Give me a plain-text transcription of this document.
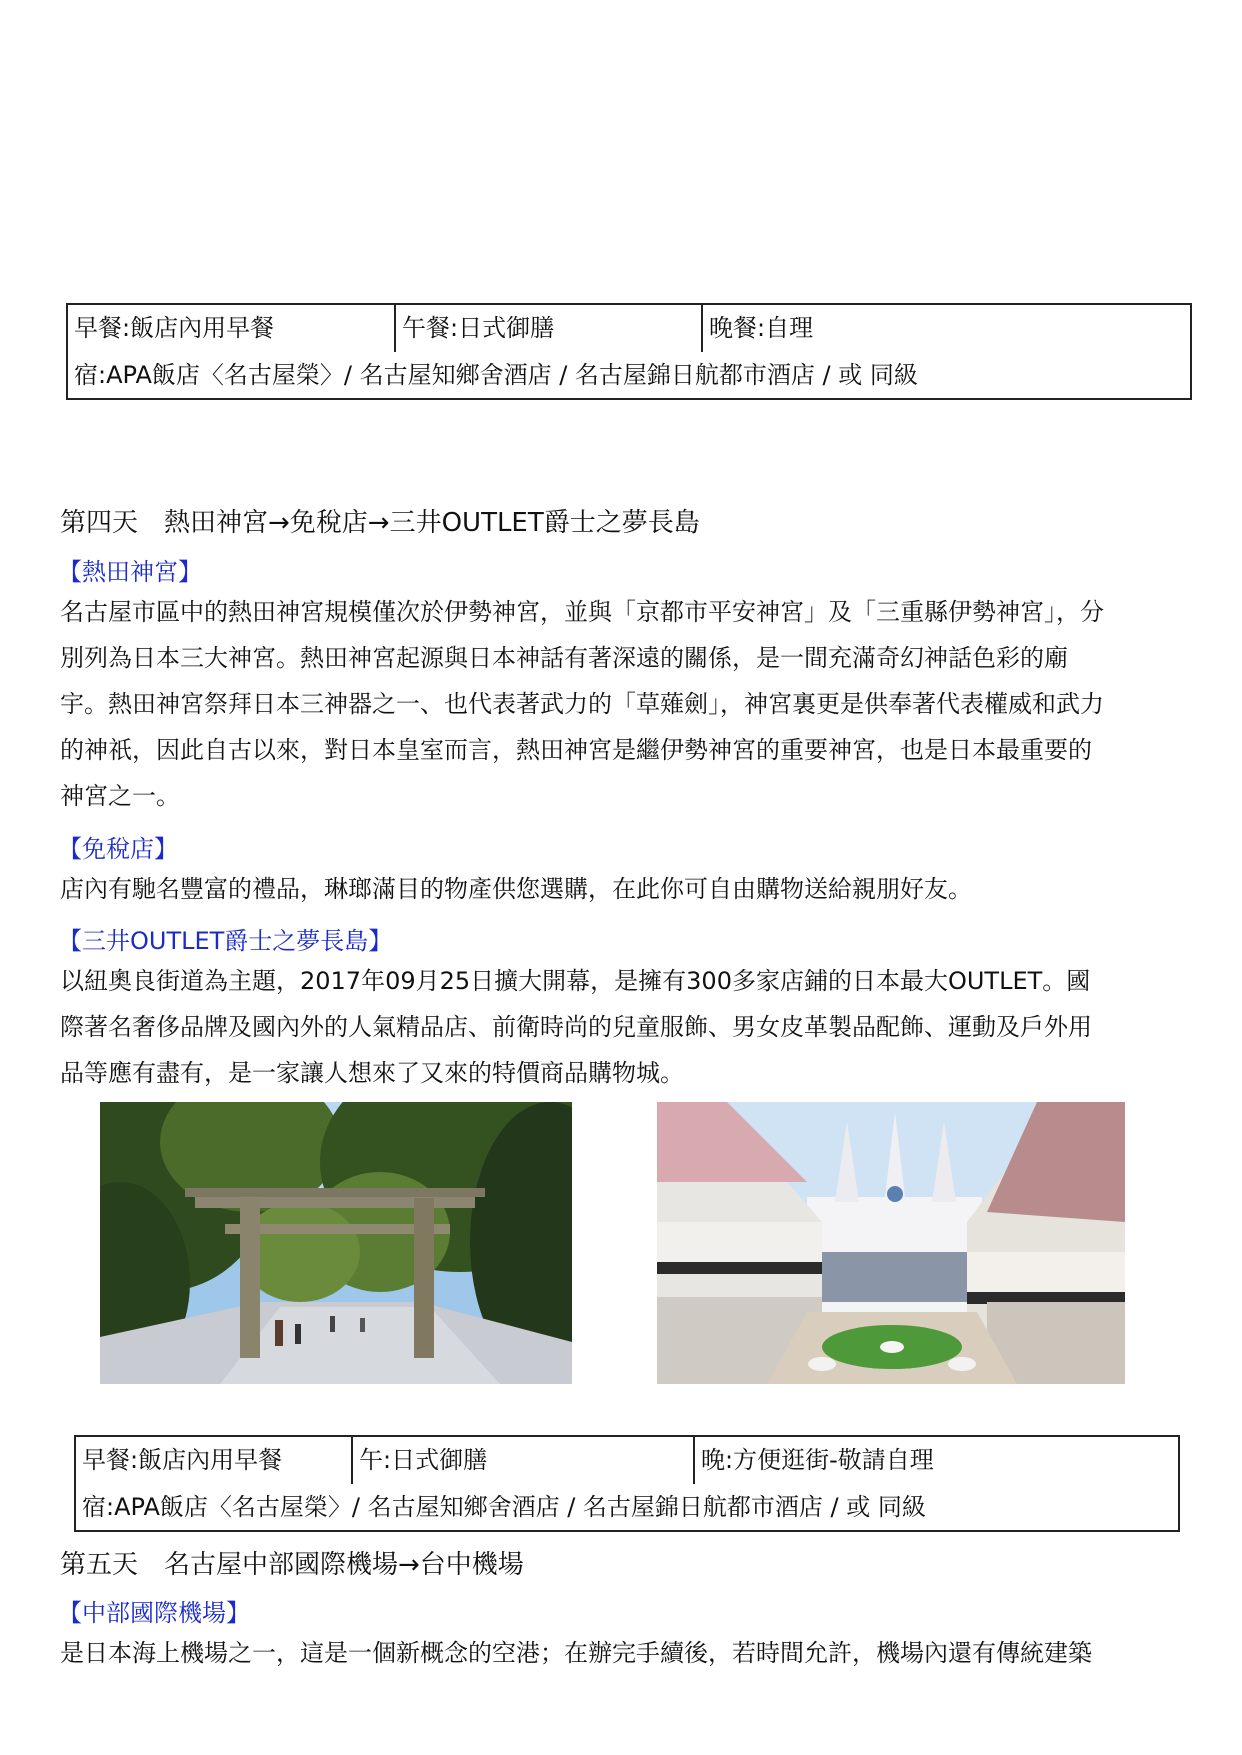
早餐:飯店內用早餐	午餐:日式御膳	晚餐:自理
宿:APA飯店〈名古屋榮〉/ 名古屋知鄉舍酒店 / 名古屋錦日航都市酒店 / 或 同級
第四天　熱田神宮→免稅店→三井OUTLET爵士之夢長島
【熱田神宮】
名古屋市區中的熱田神宮規模僅次於伊勢神宮，並與「京都市平安神宮」及「三重縣伊勢神宮」，分
別列為日本三大神宮。熱田神宮起源與日本神話有著深遠的關係，是一間充滿奇幻神話色彩的廟
宇。熱田神宮祭拜日本三神器之一、也代表著武力的「草薙劍」，神宮裏更是供奉著代表權威和武力
的神祇，因此自古以來，對日本皇室而言，熱田神宮是繼伊勢神宮的重要神宮，也是日本最重要的
神宮之一。
【免稅店】
店內有馳名豐富的禮品，琳瑯滿目的物產供您選購，在此你可自由購物送給親朋好友。
【三井OUTLET爵士之夢長島】
以紐奧良街道為主題，2017年09月25日擴大開幕，是擁有300多家店鋪的日本最大OUTLET。國
際著名奢侈品牌及國內外的人氣精品店、前衛時尚的兒童服飾、男女皮革製品配飾、運動及戶外用
品等應有盡有，是一家讓人想來了又來的特價商品購物城。
早餐:飯店內用早餐	午:日式御膳	晚:方便逛街-敬請自理
宿:APA飯店〈名古屋榮〉/ 名古屋知鄉舍酒店 / 名古屋錦日航都市酒店 / 或 同級
第五天　名古屋中部國際機場→台中機場
【中部國際機場】
是日本海上機場之一，這是一個新概念的空港；在辦完手續後，若時間允許，機場內還有傳統建築
